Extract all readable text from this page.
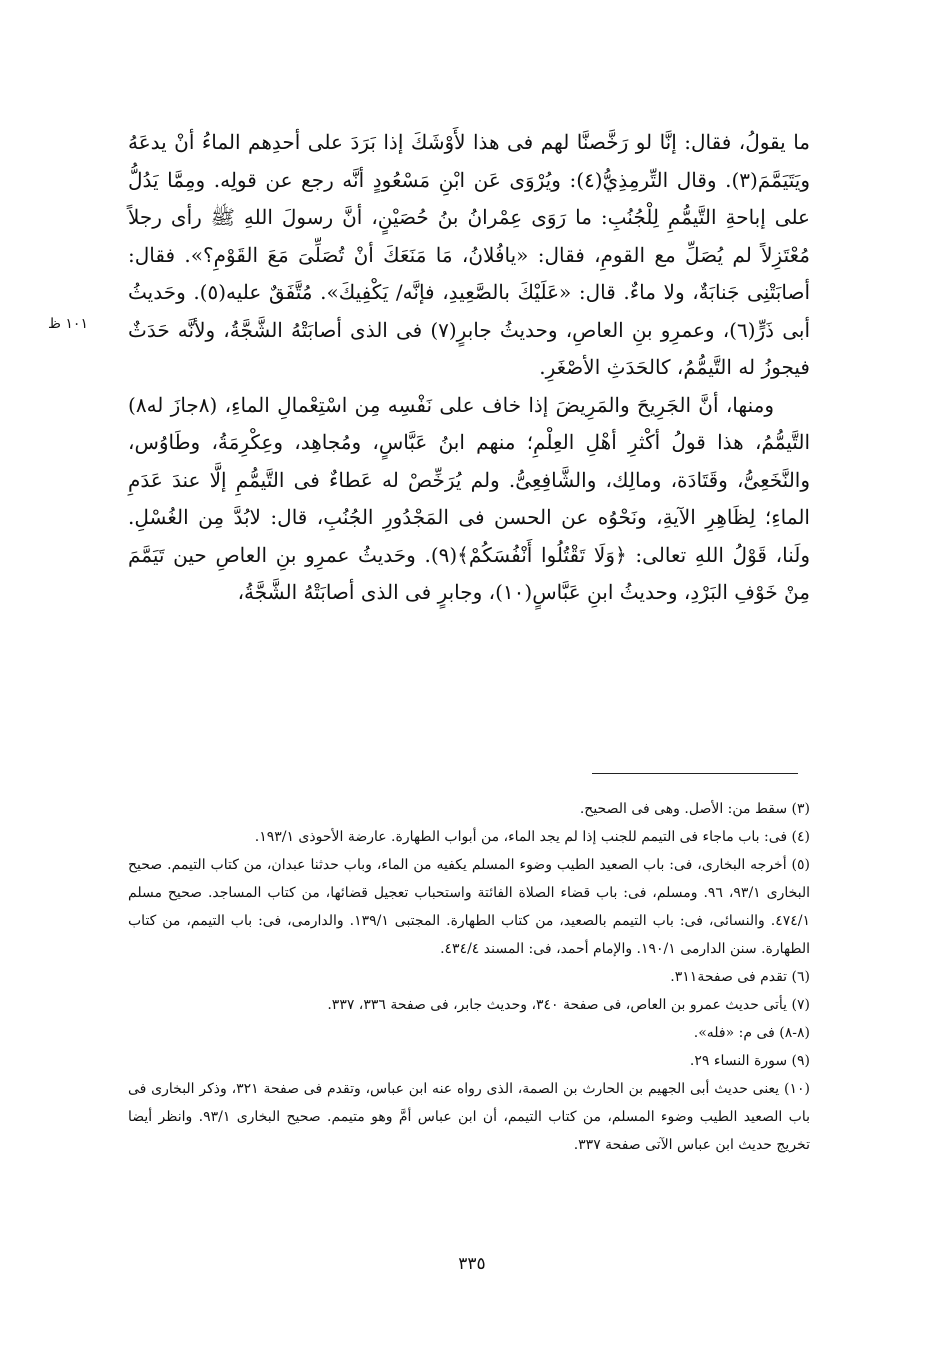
ما يقولُ، فقال: إنَّا لو رَخَّصنَّا لهم فى هذا لأَوْشَكَ إذا بَرَدَ على أحدِهم الماءُ أنْ يدعَهُ ويَتَيَمَّمَ(٣). وقال التِّرمِذِيُّ(٤): ويُرْوَى عَن ابْنِ مَسْعُودٍ أنَّه رجع عن قولِه. ومِمَّا يَدُلُّ على إباحةِ التَّيمُّمِ لِلْجُنُبِ: ما رَوَى عِمْرانُ بنُ حُصَيْنٍ، أنَّ رسولَ اللهِ ﷺ رأى رجلاً مُعْتَزِلاً لم يُصَلِّ مع القومِ، فقال: «يافُلانُ، مَا مَنَعَكَ أنْ تُصَلِّىَ مَعَ القَوْمِ؟». فقال: أصابَتْنِى جَنابَةٌ، ولا ماءٌ. قال: «عَلَيْكَ بالصَّعِيدِ، فإنَّه/ يَكْفِيكَ». مُتَّفَقٌ عليه(٥). وحَديثُ أبى ذَرٍّ(٦)، وعمرِو بنِ العاصِ، وحديثُ جابرٍ(٧) فى الذى أصابَتْهُ الشَّجَّةُ، ولأنَّه حَدَثٌ فيجوزُ له التَّيمُّمُ، كالحَدَثِ الأصْغَرِ.

ومنها، أنَّ الجَرِيحَ والمَرِيضَ إذا خاف على نَفْسِه مِن اسْتِعْمالِ الماءِ، (٨جازَ له٨) التَّيمُّمُ، هذا قولُ أكْثرِ أهْلِ العِلْمِ؛ منهم ابنُ عَبَّاسٍ، ومُجاهِد، وعِكْرِمَةُ، وطَاوُس، والنَّخَعِىُّ، وقَتَادَة، ومالِك، والشَّافِعِىُّ. ولم يُرَخِّصْ له عَطاءٌ فى التَّيمُّمِ إلَّا عندَ عَدَمِ الماءِ؛ لِظَاهِرِ الآيةِ، ونَحْوُه عن الحسن فى المَجْدُورِ الجُنُبِ، قال: لابُدَّ مِن الغُسْلِ. ولَنا، قَوْلُ اللهِ تعالى: ﴿وَلَا تَقْتُلُوا أَنْفُسَكُمْ﴾(٩). وحَديثُ عمرِو بنِ العاصِ حين تَيَمَّمَ مِنْ خَوْفِ البَرْدِ، وحديثُ ابنِ عَبَّاسٍ(١٠)، وجابرٍ فى الذى أصابَتْهُ الشَّجَّةُ،

١٠١ ظ

(٣) سقط من: الأصل. وهى فى الصحيح.

(٤) فى: باب ماجاء فى التيمم للجنب إذا لم يجد الماء، من أبواب الطهارة. عارضة الأحوذى ١٩٣/١.

(٥) أخرجه البخارى، فى: باب الصعيد الطيب وضوء المسلم يكفيه من الماء، وباب حدثنا عبدان، من كتاب التيمم. صحيح البخارى ٩٣/١، ٩٦. ومسلم، فى: باب قضاء الصلاة الفائتة واستحباب تعجيل قضائها، من كتاب المساجد. صحيح مسلم ٤٧٤/١. والنسائى، فى: باب التيمم بالصعيد، من كتاب الطهارة. المجتبى ١٣٩/١. والدارمى، فى: باب التيمم، من كتاب الطهارة. سنن الدارمى ١٩٠/١. والإمام أحمد، فى: المسند ٤٣٤/٤.

(٦) تقدم فى صفحة٣١١.

(٧) يأتى حديث عمرو بن العاص، فى صفحة ٣٤٠، وحديث جابر، فى صفحة ٣٣٦، ٣٣٧.

(٨-٨) فى م: «فله».

(٩) سورة النساء ٢٩.

(١٠) يعنى حديث أبى الجهيم بن الحارث بن الصمة، الذى رواه عنه ابن عباس، وتقدم فى صفحة ٣٢١، وذكر البخارى فى باب الصعيد الطيب وضوء المسلم، من كتاب التيمم، أن ابن عباس أمَّ وهو متيمم. صحيح البخارى ٩٣/١. وانظر أيضا تخريج حديث ابن عباس الآتى صفحة ٣٣٧.

٣٣٥
